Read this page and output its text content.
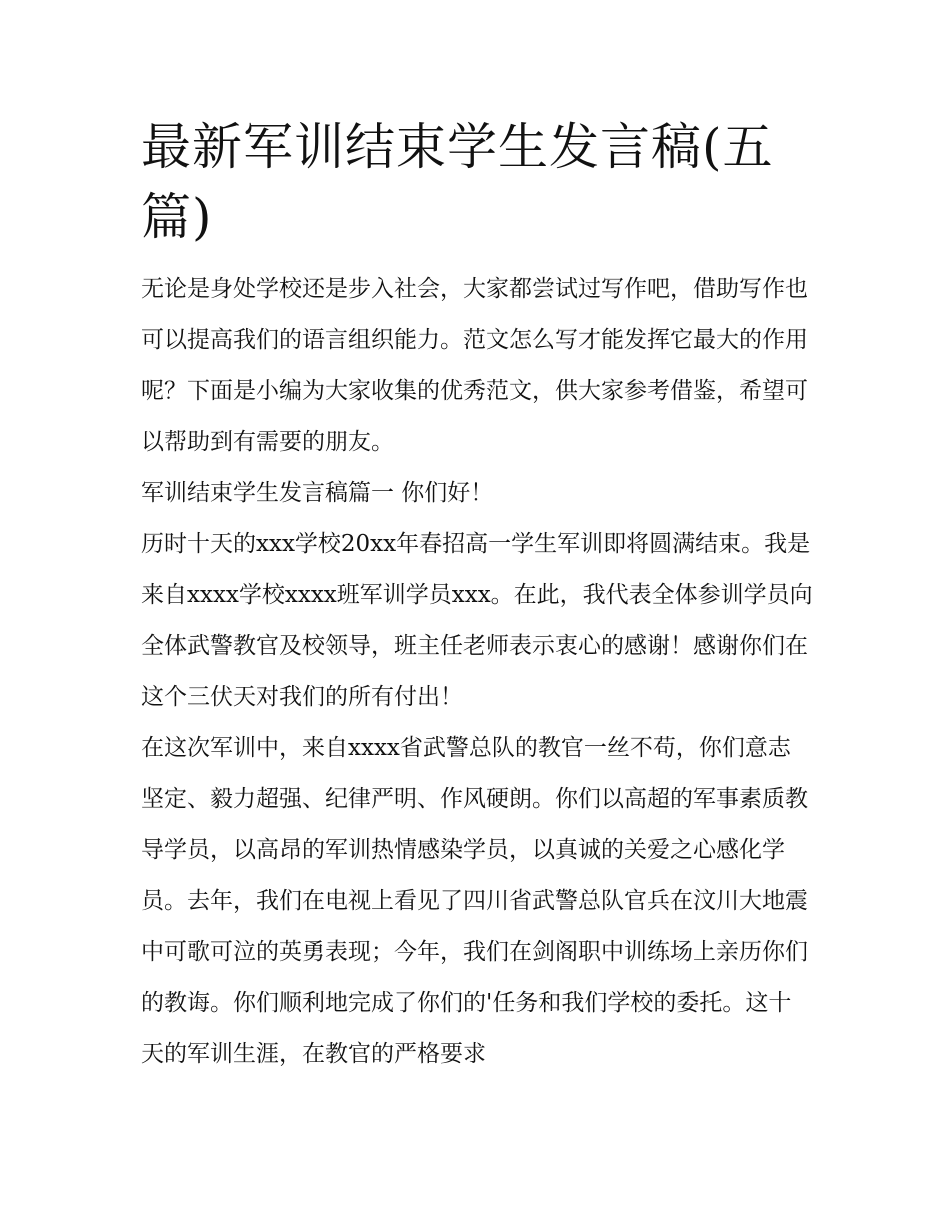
最新军训结束学生发言稿(五篇)

无论是身处学校还是步入社会，大家都尝试过写作吧，借助写作也可以提高我们的语言组织能力。范文怎么写才能发挥它最大的作用呢？下面是小编为大家收集的优秀范文，供大家参考借鉴，希望可以帮助到有需要的朋友。

军训结束学生发言稿篇一 你们好！

历时十天的xxx学校20xx年春招高一学生军训即将圆满结束。我是来自xxxx学校xxxx班军训学员xxx。在此，我代表全体参训学员向全体武警教官及校领导，班主任老师表示衷心的感谢！感谢你们在这个三伏天对我们的所有付出！

在这次军训中，来自xxxx省武警总队的教官一丝不苟，你们意志坚定、毅力超强、纪律严明、作风硬朗。你们以高超的军事素质教导学员，以高昂的军训热情感染学员，以真诚的关爱之心感化学员。去年，我们在电视上看见了四川省武警总队官兵在汶川大地震中可歌可泣的英勇表现；今年，我们在剑阁职中训练场上亲历你们的教诲。你们顺利地完成了你们的'任务和我们学校的委托。这十天的军训生涯，在教官的严格要求
